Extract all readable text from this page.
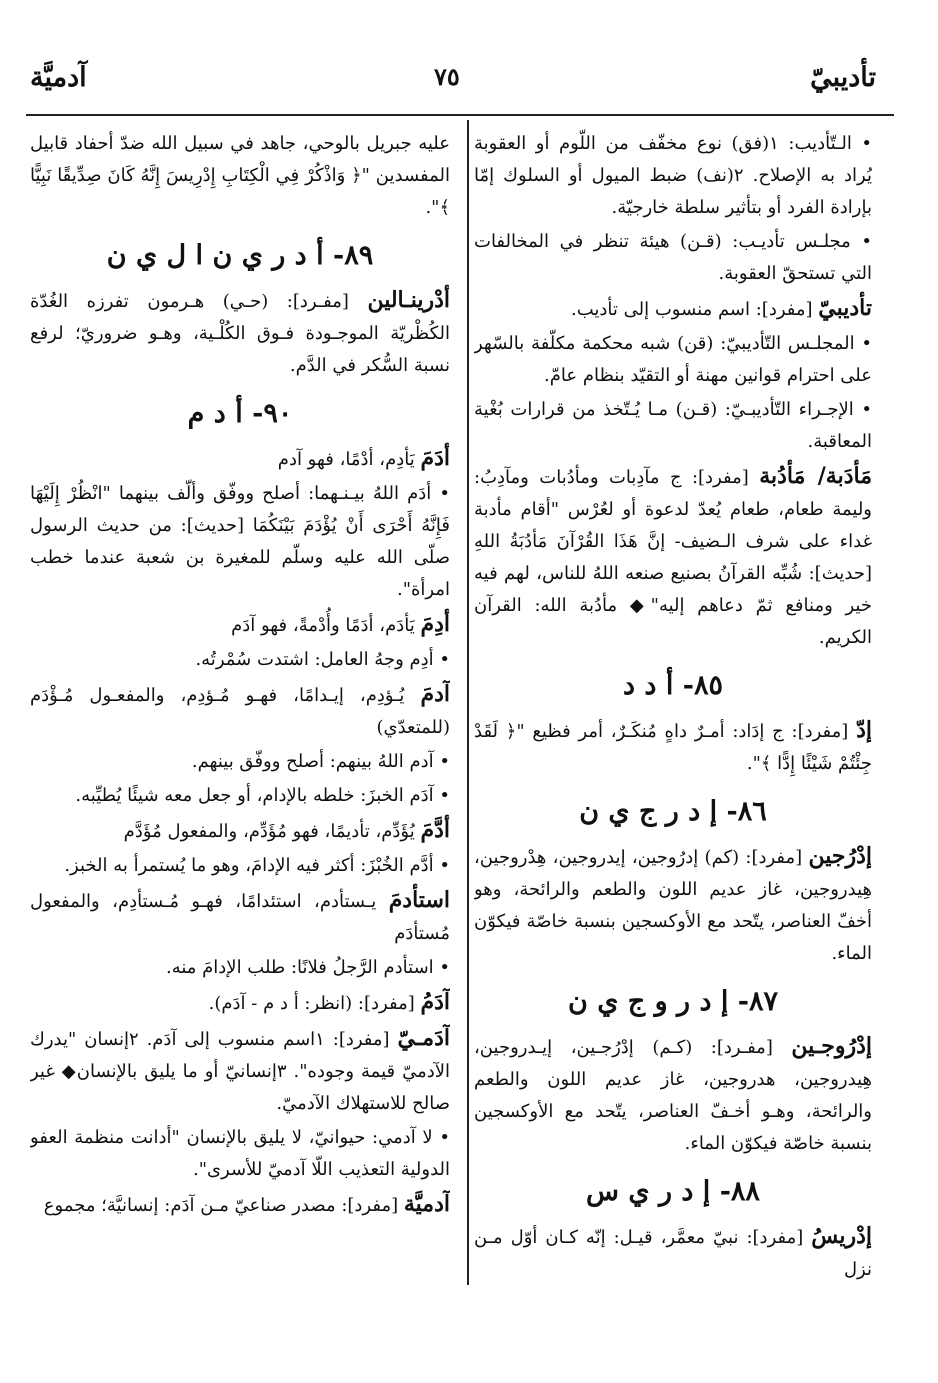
تأديبيّ
٧٥
آدميَّة

• الـتّأديب: ١(فق) نوع مخفّف من اللّوم أو العقوبة يُراد به الإصلاح. ٢(نف) ضبط الميول أو السلوك إمّا بإرادة الفرد أو بتأثير سلطة خارجيّة.

• مجلـس تأديـب: (قـن) هيئة تنظر في المخالفات التي تستحقّ العقوبة.

تأديبيّ [مفرد]: اسم منسوب إلى تأديب.

• المجلـس التّأديبيّ: (قن) شبه محكمة مكلّفة بالسّهر على احترام قوانين مهنة أو التقيّد بنظام عامّ.

• الإجـراء التّأديبـيّ: (قـن) مـا يُـتّخذ من قرارات بُغْية المعاقبة.

مَأدَبة/ مَأدُبة [مفرد]: ج مآدِبات ومأدُبات ومآدِبُ: وليمة طعام، طعام يُعدّ لدعوة أو لعُرْس "أقام مأدبة غداء على شرف الـضيف- إنَّ هَذَا القُرْآنَ مَأدُبَةُ اللهِ [حديث]: شُبِّه القرآنُ بصنيع صنعه اللهُ للناس، لهم فيه خير ومنافع ثمّ دعاهم إليه"◆ مأدُبة الله: القرآن الكريم.

٨٥- أ د د

إدّ [مفرد]: ج إدَاد: أمـرٌ داهٍ مُنكَـرٌ، أمر فظيع "﴿ لَقَدْ جِئْتُمْ شَيْئًا إِدًّا ﴾".

٨٦- إ د ر ج ي ن

إدْرُجين [مفرد]: (كم) إدرُوجين، إيدروجين، هِدْروجين، هِيدروجين، غاز عديم اللون والطعم والرائحة، وهو أخفّ العناصر، يتّحد مع الأوكسجين بنسبة خاصّة فيكوّن الماء.

٨٧- إ د ر و ج ي ن

إدْرُوجـين [مفـرد]: (كـم) إدْرُجـين، إيـدروجين، هِيدروجين، هدروجين، غاز عديم اللون والطعم والرائحة، وهـو أخـفّ العناصر، يتّحد مع الأوكسجين بنسبة خاصّة فيكوّن الماء.

٨٨- إ د ر ي س

إدْريسُ [مفرد]: نبيّ معمَّر، قيـل: إنّه كـان أوّل مـن نزل

عليه جبريل بالوحي، جاهد في سبيل الله ضدّ أحفاد قابيل المفسدين "﴿ وَاذْكُرْ فِي الْكِتَابِ إِدْرِيسَ إِنَّهُ كَانَ صِدِّيقًا نَبِيًّا ﴾".

٨٩- أ د ر ي ن ا ل ي ن

أدْرينـالين [مفـرد]: (حـي) هـرمون تفرزه الغُدّة الكُظْريّة الموجـودة فـوق الكُلْـية، وهـو ضروريّ؛ لرفع نسبة السُّكر في الدَّم.

٩٠- أ د م

أدَمَ يَأدِم، أدْمًا، فهو آدم

• أدَم اللهُ بيـنـهما: أصلح ووفّق وألّف بينهما "انْظُرْ إِلَيْهَا فَإِنَّهُ أَحْرَى أَنْ يُؤْدَمَ بَيْنَكُمَا [حديث]: من حديث الرسول صلّى الله عليه وسلّم للمغيرة بن شعبة عندما خطب امرأة".

أدِمَ يَأدَم، أدَمًا وأُدْمةً، فهو آدَم

• أدِم وجهُ العامل: اشتدت سُمْرتُه.

آدمَ يُـؤدِم، إيـدامًا، فهـو مُـؤدِم، والمفعـول مُـؤْدَم (للمتعدّي)

• آدم اللهُ بينهم: أصلح ووفّق بينهم.

• آدَم الخبزَ: خلطه بالإدام، أو جعل معه شيئًا يُطيِّبه.

أدَّمَ يُؤَدِّم، تأديمًا، فهو مُؤَدِّم، والمفعول مُؤَدَّم

• أدَّم الخُبْزَ: أكثر فيه الإدامَ، وهو ما يُستمرأ به الخبز.

استأدمَ يـستأدم، استئدامًا، فهـو مُـستأدِم، والمفعول مُستأدَم

• استأدم الرَّجلُ فلانًا: طلب الإدامَ منه.

آدَمُ [مفرد]: (انظر: أ د م - آدَم).

آدَمـيّ [مفرد]: ١اسم منسوب إلى آدَم. ٢إنسان "يدرك الآدميّ قيمة وجوده". ٣إنسانيّ أو ما يليق بالإنسان◆ غير صالح للاستهلاك الآدميّ.

• لا آدمي: حيوانيّ، لا يليق بالإنسان "أدانت منظمة العفو الدولية التعذيب اللّا آدميّ للأسرى".

آدميَّة [مفرد]: مصدر صناعيّ مـن آدَم: إنسانيَّة؛ مجموع
